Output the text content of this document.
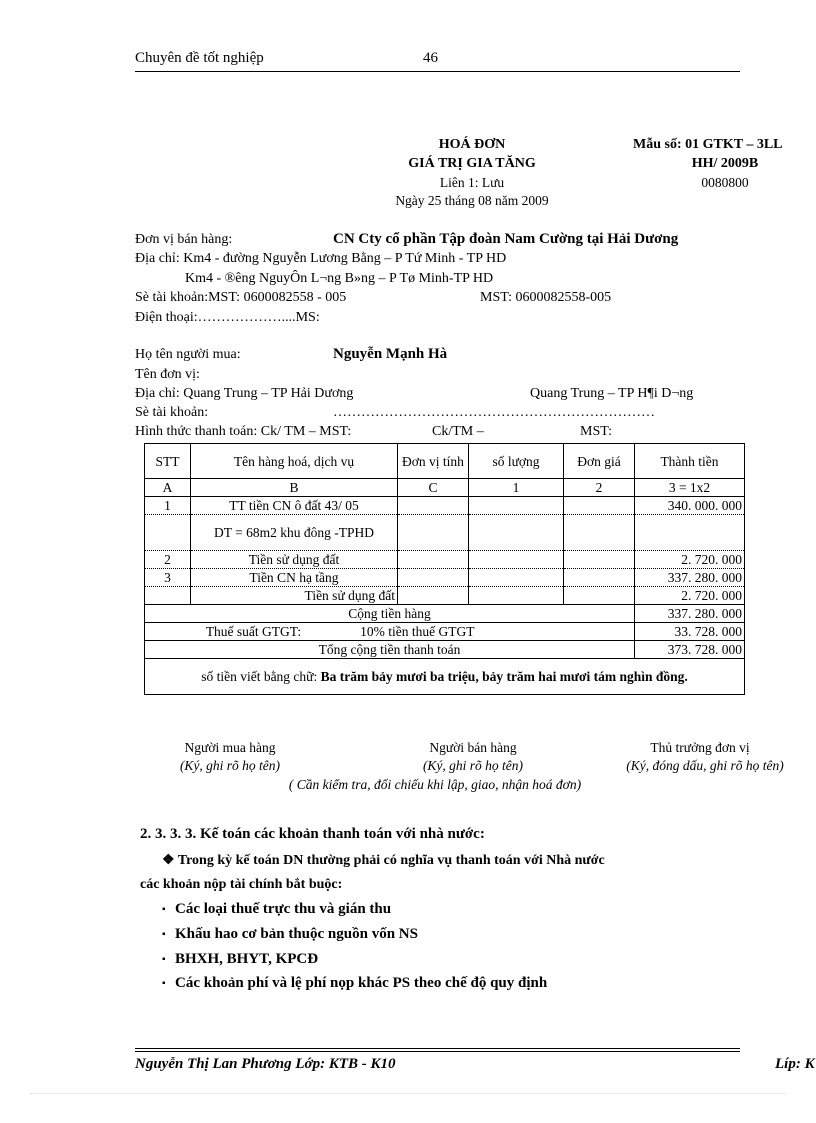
Chuyên đề tốt nghiệp	46
HOÁ ĐƠN
GIÁ TRỊ GIA TĂNG
Liên 1: Lưu
Ngày 25 tháng 08 năm 2009
Mẫu số: 01 GTKT – 3LL
HH/ 2009B
0080800
Đơn vị bán hàng:	CN Cty cổ phần Tập đoàn Nam Cường tại Hải Dương
Địa chỉ: Km4 - đường Nguyễn Lương Bằng – P Tứ Minh - TP HD
Km4 - ®êng NguyÔn L¬ng B»ng – P Tø Minh-TP HD
Sè tài khoản:MST: 0600082558 - 005	MST: 0600082558-005
Điện thoại:………………....MS:
Họ tên người mua:	Nguyễn Mạnh Hà
Tên đơn vị:
Địa chỉ: Quang Trung – TP Hải Dương	Quang Trung – TP H¶i D¬ng
Sè tài khoản:	……………………………………………………………
Hình thức thanh toán: Ck/ TM – MST:	Ck/TM –	MST:
STT	Tên hàng hoá, dịch vụ	Đơn vị tính	số lượng	Đơn giá	Thành tiền
A	B	C	1	2	3 = 1x2
1	TT tiền CN ô đất 43/ 05				340. 000. 000
	DT = 68m2 khu đông -TPHD				
2	Tiền sử dụng đất				2. 720. 000
3	Tiền CN hạ tầng				337. 280. 000
	Tiền sử dụng đất				2. 720. 000
Cộng tiền hàng					337. 280. 000
Thuế suất GTGT: 10% tiền thuế GTGT					33. 728. 000
Tổng cộng tiền thanh toán					373. 728. 000
số tiền viết bằng chữ: Ba trăm bảy mươi ba triệu, bảy trăm hai mươi tám nghìn đồng.					
Người mua hàng
(Ký, ghi rõ họ tên)
Người bán hàng
(Ký, ghi rõ họ tên)
Thủ trưởng đơn vị
(Ký, đóng dấu, ghi rõ họ tên)
( Cần kiểm tra, đối chiếu khi lập, giao, nhận hoá đơn)
2. 3. 3. 3. Kế toán các khoản thanh toán với nhà nước:
❖ Trong kỳ kế toán DN thường phải có nghĩa vụ thanh toán với Nhà nước
các khoản nộp tài chính bắt buộc:
▪ Các loại thuế trực thu và gián thu
▪ Khấu hao cơ bản thuộc nguồn vốn NS
▪ BHXH, BHYT, KPCĐ
▪ Các khoản phí và lệ phí nọp khác PS theo chế độ quy định
Nguyễn Thị Lan Phương Lớp: KTB - K10	Líp: K
